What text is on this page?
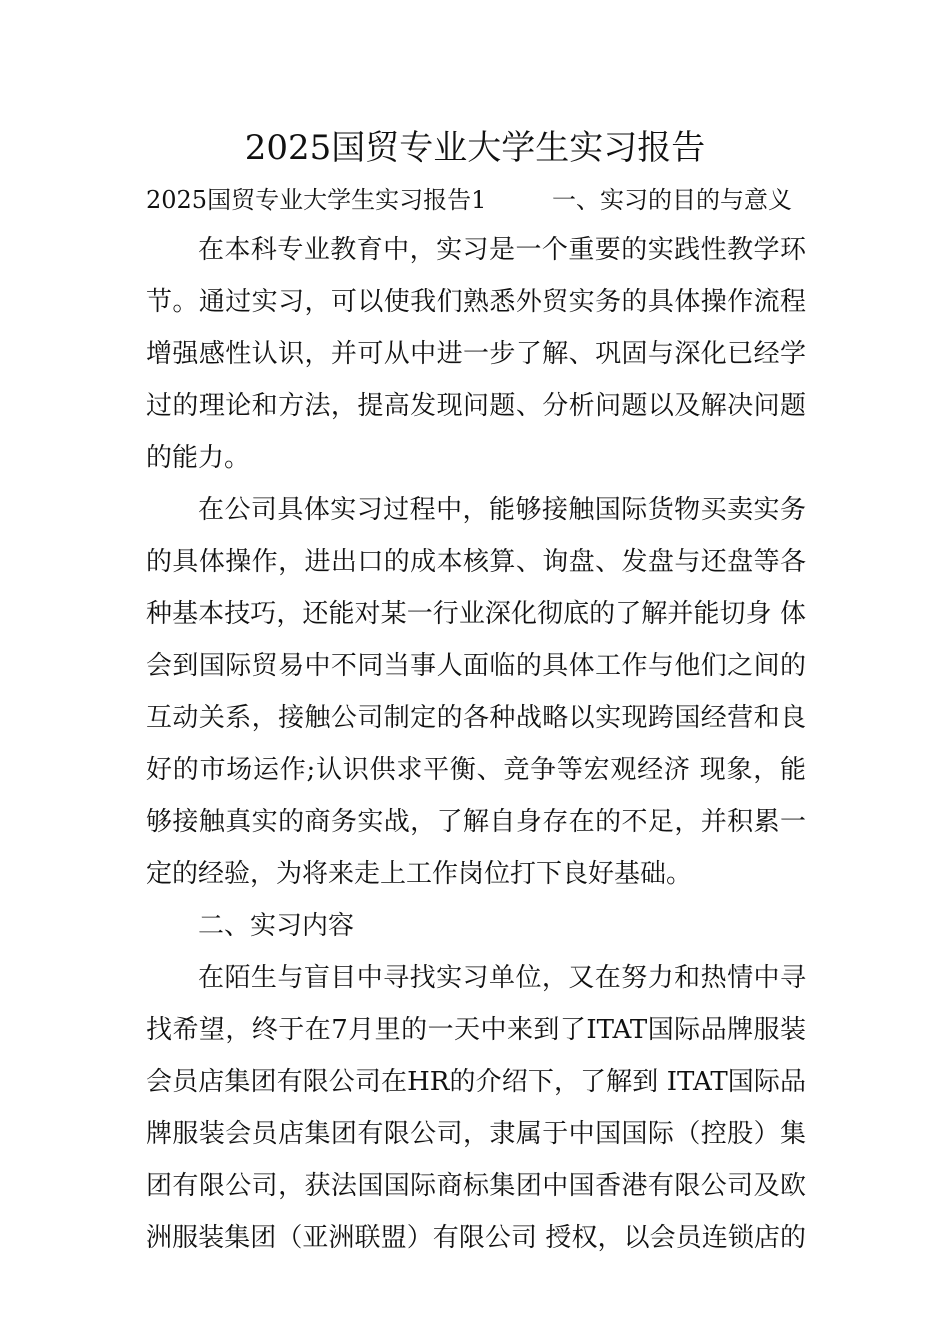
2025国贸专业大学生实习报告
2025国贸专业大学生实习报告1	一、实习的目的与意义
在本科专业教育中，实习是一个重要的实践性教学环
节。通过实习，可以使我们熟悉外贸实务的具体操作流程
增强感性认识，并可从中进一步了解、巩固与深化已经学
过的理论和方法，提高发现问题、分析问题以及解决问题
的能力。
在公司具体实习过程中，能够接触国际货物买卖实务
的具体操作，进出口的成本核算、询盘、发盘与还盘等各
种基本技巧，还能对某一行业深化彻底的了解并能切身 体
会到国际贸易中不同当事人面临的具体工作与他们之间的
互动关系，接触公司制定的各种战略以实现跨国经营和良
好的市场运作;认识供求平衡、竞争等宏观经济 现象，能
够接触真实的商务实战，了解自身存在的不足，并积累一
定的经验，为将来走上工作岗位打下良好基础。
二、实习内容
在陌生与盲目中寻找实习单位，又在努力和热情中寻
找希望，终于在7月里的一天中来到了ITAT国际品牌服装
会员店集团有限公司在HR的介绍下，了解到 ITAT国际品
牌服装会员店集团有限公司，隶属于中国国际（控股）集
团有限公司，获法国国际商标集团中国香港有限公司及欧
洲服装集团（亚洲联盟）有限公司 授权，以会员连锁店的
